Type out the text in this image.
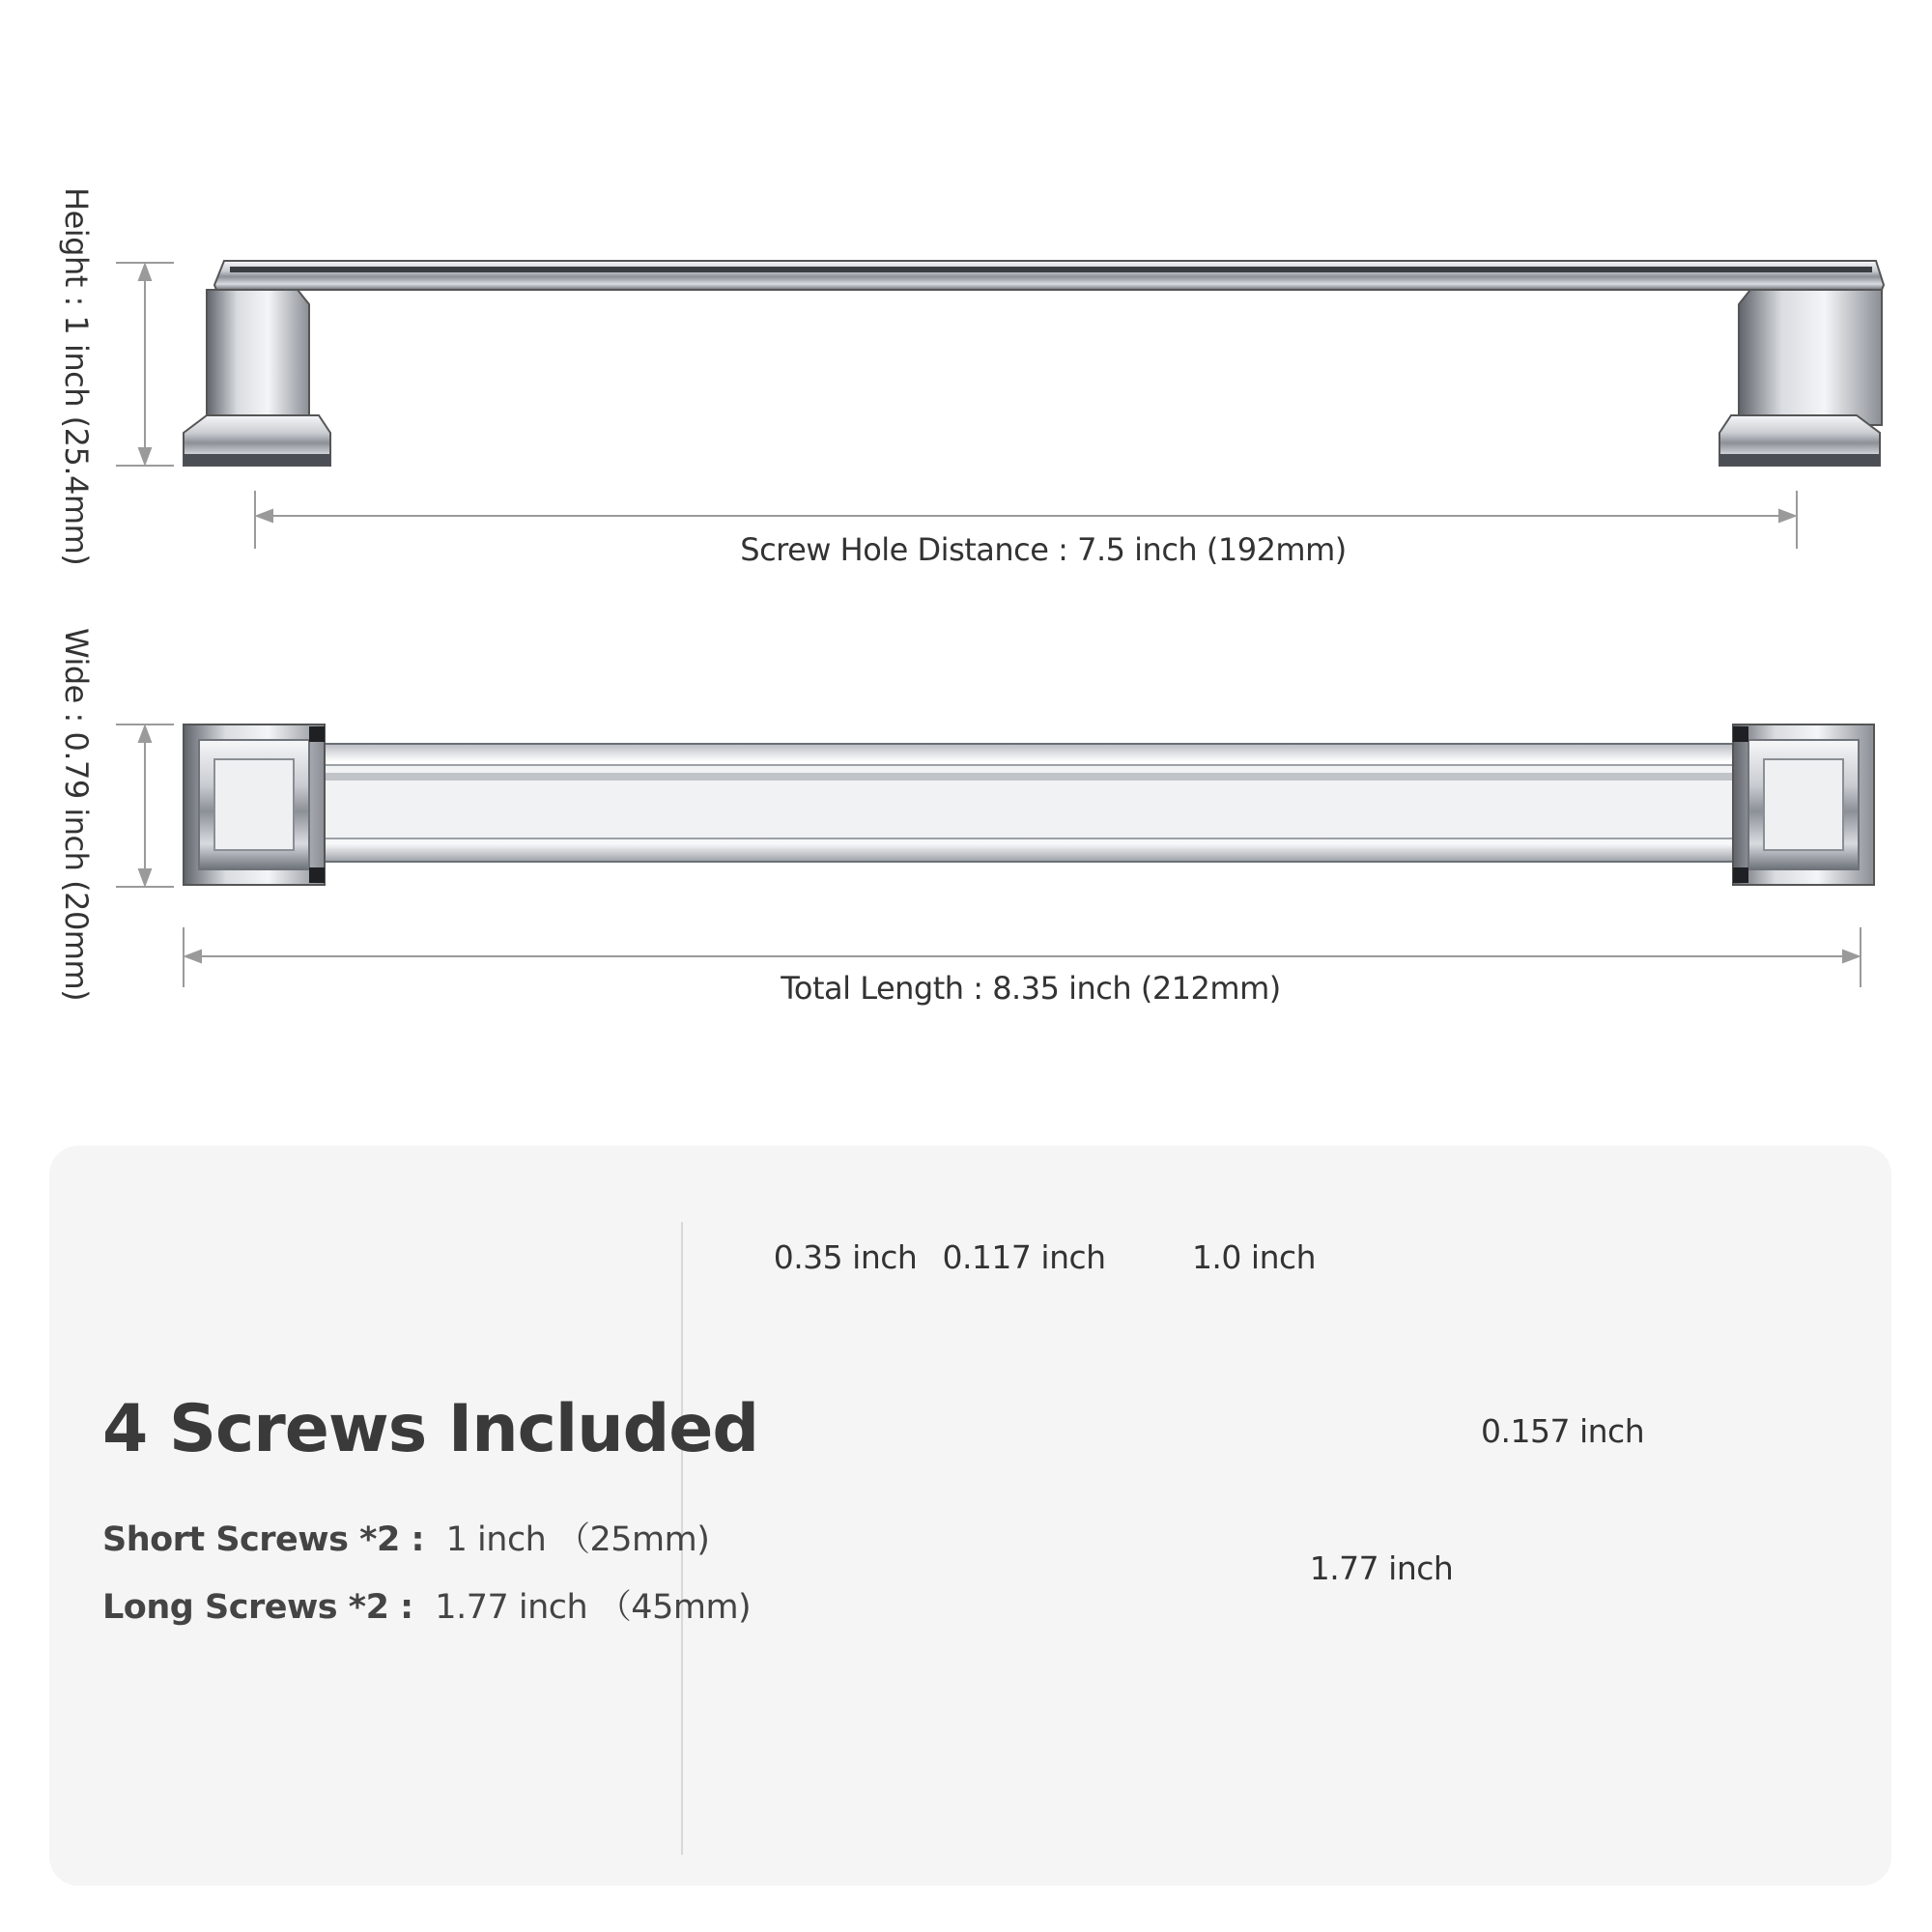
Height : 1 inch (25.4mm)
Wide : 0.79 inch (20mm)
Screw Hole Distance : 7.5 inch (192mm)
Total Length : 8.35 inch (212mm)
4 Screws Included
Short Screws *2 : 1 inch （25mm)
Long Screws *2 : 1.77 inch （45mm)
0.35 inch 0.117 inch	1.0 inch
0.157 inch
1.77 inch
